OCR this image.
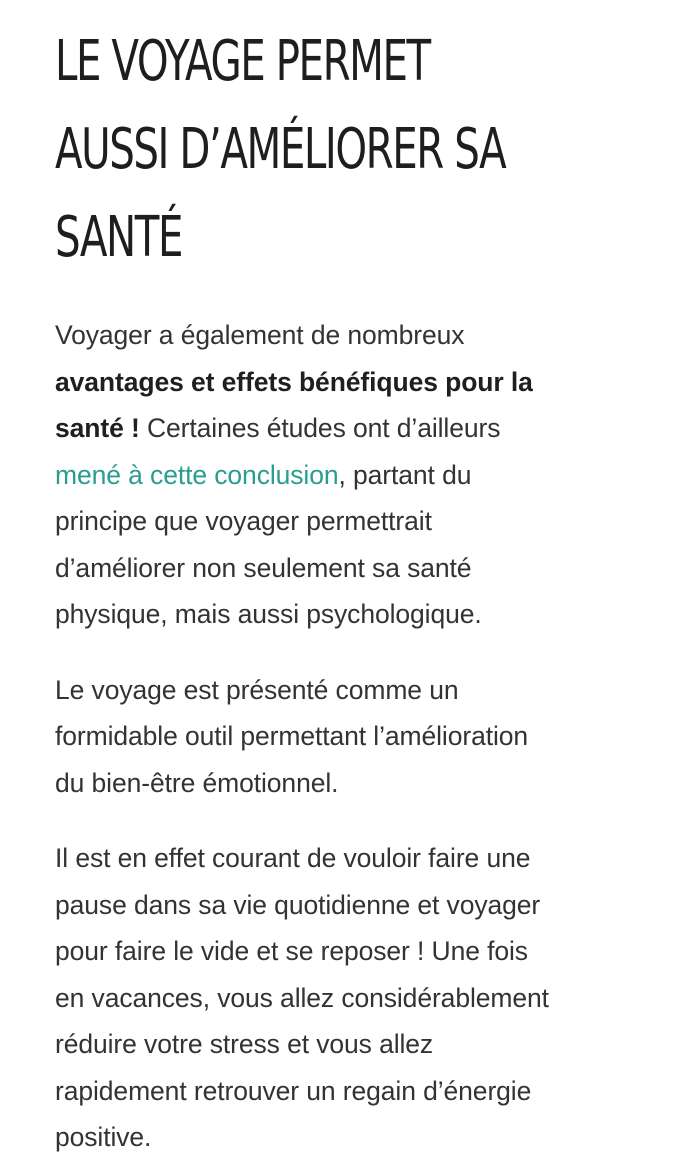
LE VOYAGE PERMET
AUSSI D’AMÉLIORER SA
SANTÉ

Voyager a également de nombreux
avantages et effets bénéfiques pour la
santé ! Certaines études ont d’ailleurs
mené à cette conclusion, partant du
principe que voyager permettrait
d’améliorer non seulement sa santé
physique, mais aussi psychologique.

Le voyage est présenté comme un
formidable outil permettant l’amélioration
du bien-être émotionnel.

Il est en effet courant de vouloir faire une
pause dans sa vie quotidienne et voyager
pour faire le vide et se reposer ! Une fois
en vacances, vous allez considérablement
réduire votre stress et vous allez
rapidement retrouver un regain d’énergie
positive.
